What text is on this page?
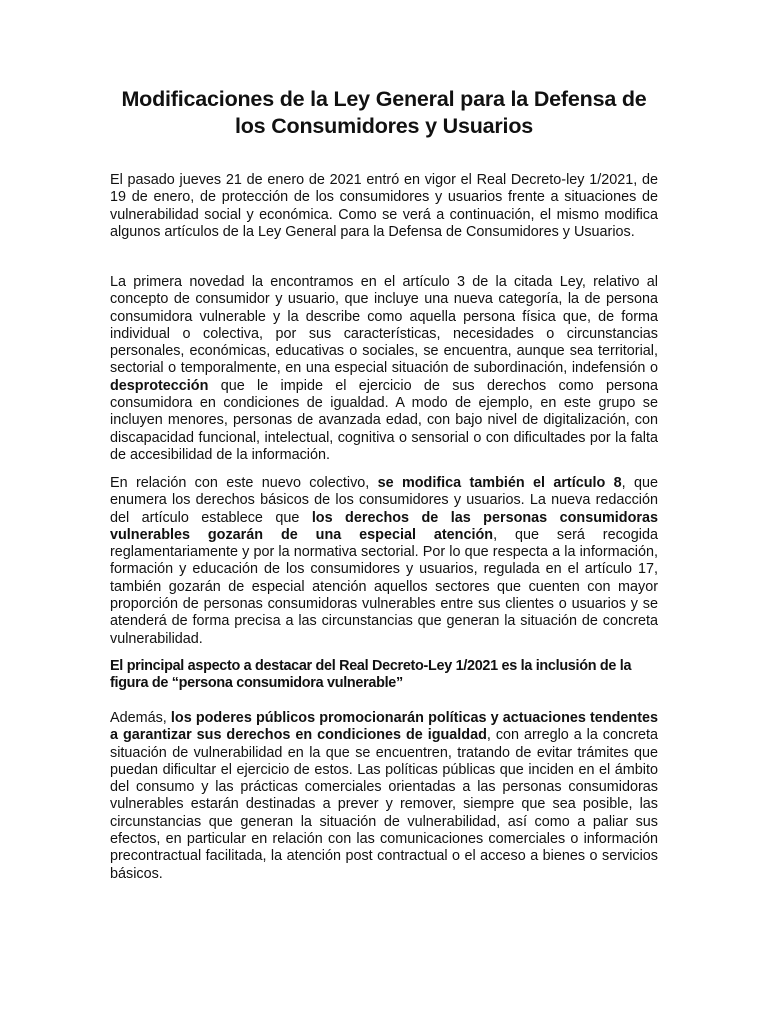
Modificaciones de la Ley General para la Defensa de los Consumidores y Usuarios

El pasado jueves 21 de enero de 2021 entró en vigor el Real Decreto-ley 1/2021, de 19 de enero, de protección de los consumidores y usuarios frente a situaciones de vulnerabilidad social y económica. Como se verá a continuación, el mismo modifica algunos artículos de la Ley General para la Defensa de Consumidores y Usuarios.

La primera novedad la encontramos en el artículo 3 de la citada Ley, relativo al concepto de consumidor y usuario, que incluye una nueva categoría, la de persona consumidora vulnerable y la describe como aquella persona física que, de forma individual o colectiva, por sus características, necesidades o circunstancias personales, económicas, educativas o sociales, se encuentra, aunque sea territorial, sectorial o temporalmente, en una especial situación de subordinación, indefensión o desprotección que le impide el ejercicio de sus derechos como persona consumidora en condiciones de igualdad. A modo de ejemplo, en este grupo se incluyen menores, personas de avanzada edad, con bajo nivel de digitalización, con discapacidad funcional, intelectual, cognitiva o sensorial o con dificultades por la falta de accesibilidad de la información.

En relación con este nuevo colectivo, se modifica también el artículo 8, que enumera los derechos básicos de los consumidores y usuarios. La nueva redacción del artículo establece que los derechos de las personas consumidoras vulnerables gozarán de una especial atención, que será recogida reglamentariamente y por la normativa sectorial. Por lo que respecta a la información, formación y educación de los consumidores y usuarios, regulada en el artículo 17, también gozarán de especial atención aquellos sectores que cuenten con mayor proporción de personas consumidoras vulnerables entre sus clientes o usuarios y se atenderá de forma precisa a las circunstancias que generan la situación de concreta vulnerabilidad.

El principal aspecto a destacar del Real Decreto-Ley 1/2021 es la inclusión de la figura de “persona consumidora vulnerable”

Además, los poderes públicos promocionarán políticas y actuaciones tendentes a garantizar sus derechos en condiciones de igualdad, con arreglo a la concreta situación de vulnerabilidad en la que se encuentren, tratando de evitar trámites que puedan dificultar el ejercicio de estos. Las políticas públicas que inciden en el ámbito del consumo y las prácticas comerciales orientadas a las personas consumidoras vulnerables estarán destinadas a prever y remover, siempre que sea posible, las circunstancias que generan la situación de vulnerabilidad, así como a paliar sus efectos, en particular en relación con las comunicaciones comerciales o información precontractual facilitada, la atención post contractual o el acceso a bienes o servicios básicos.
